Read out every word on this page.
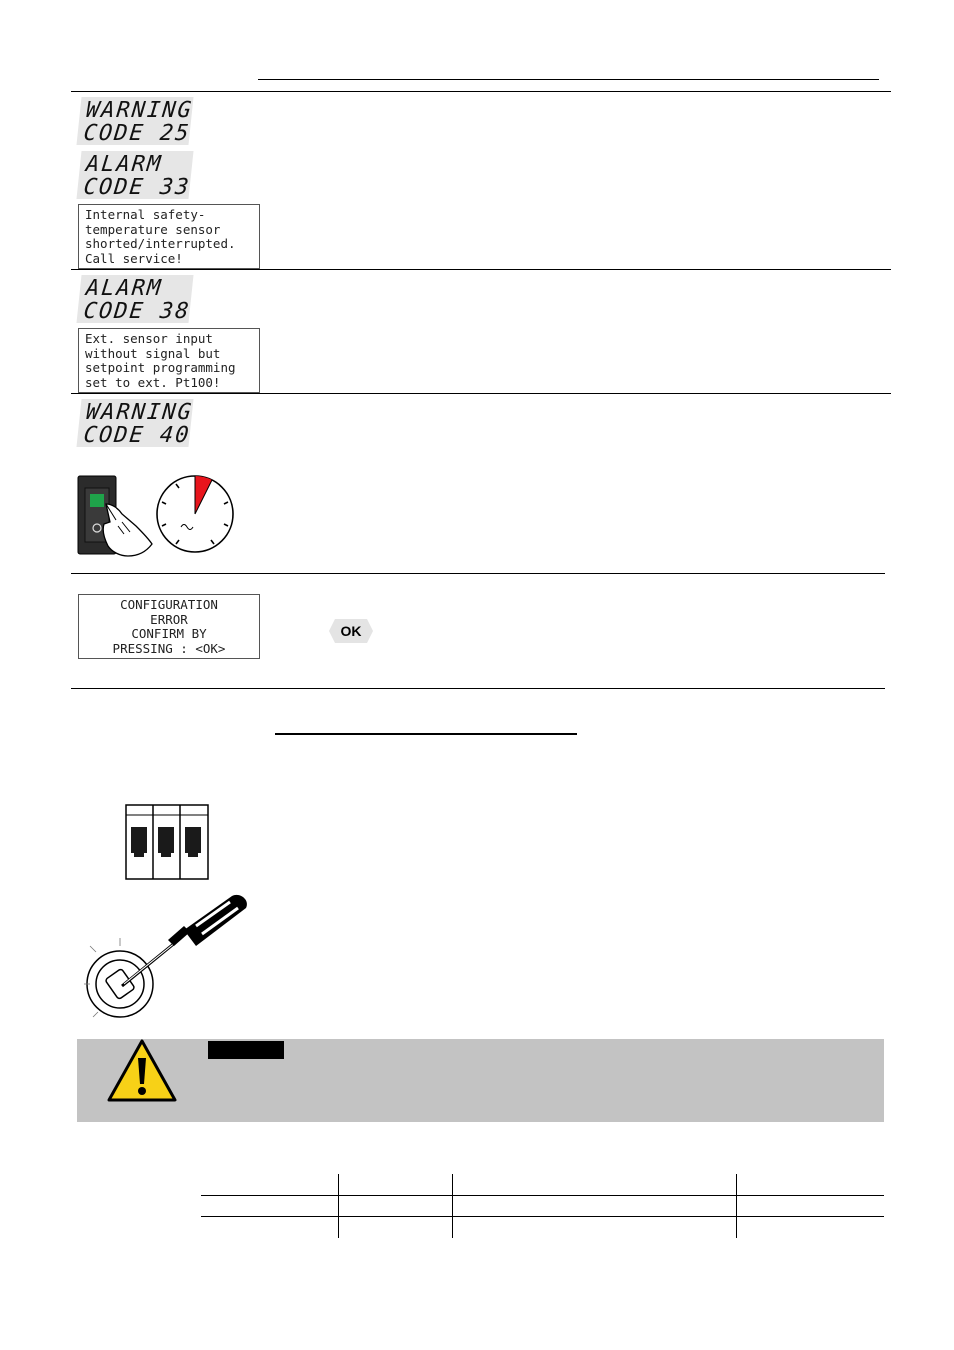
WARNING
CODE 25
ALARM
CODE 33
Internal safety-
temperature sensor
shorted/interrupted.
Call service!
ALARM
CODE 38
Ext. sensor input
without signal but
setpoint programming
set to ext. Pt100!
WARNING
CODE 40
CONFIGURATION
ERROR
CONFIRM BY
PRESSING : <OK>
OK
